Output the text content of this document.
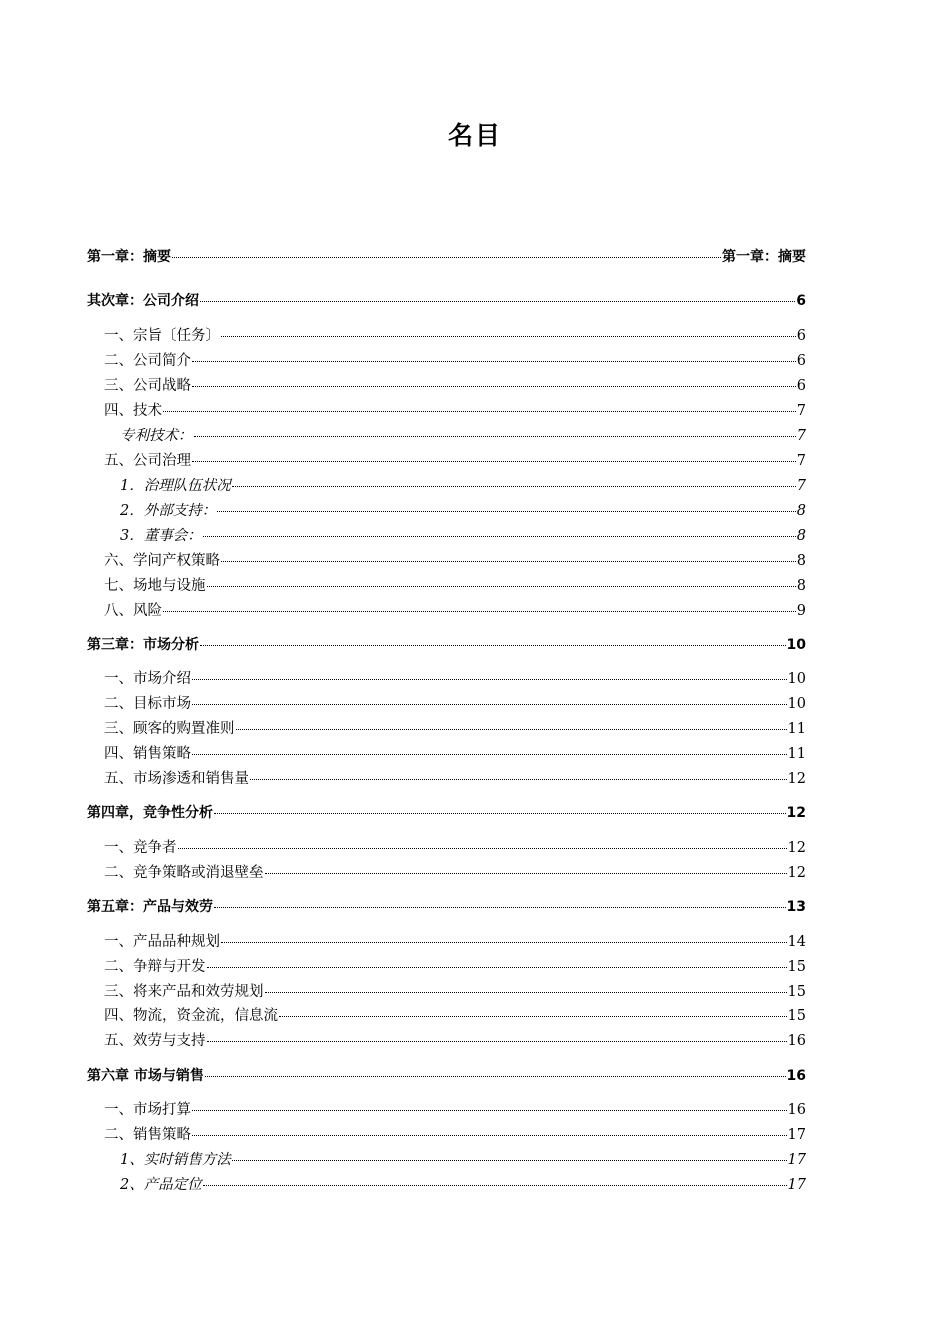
名目
第一章：摘要	第一章：摘要
其次章：公司介绍	6
一、宗旨〔任务〕	6
二、公司简介	6
三、公司战略	6
四、技术	7
专利技术：	7
五、公司治理	7
1．治理队伍状况	7
2．外部支持：	8
3．董事会：	8
六、学问产权策略	8
七、场地与设施	8
八、风险	9
第三章：市场分析	10
一、市场介绍	10
二、目标市场	10
三、顾客的购置准则	11
四、销售策略	11
五、市场渗透和销售量	12
第四章，竞争性分析	12
一、竞争者	12
二、竞争策略或消退壁垒	12
第五章：产品与效劳	13
一、产品品种规划	14
二、争辩与开发	15
三、将来产品和效劳规划	15
四、物流，资金流，信息流	15
五、效劳与支持	16
第六章 市场与销售	16
一、市场打算	16
二、销售策略	17
1、实时销售方法	17
2、产品定位	17
